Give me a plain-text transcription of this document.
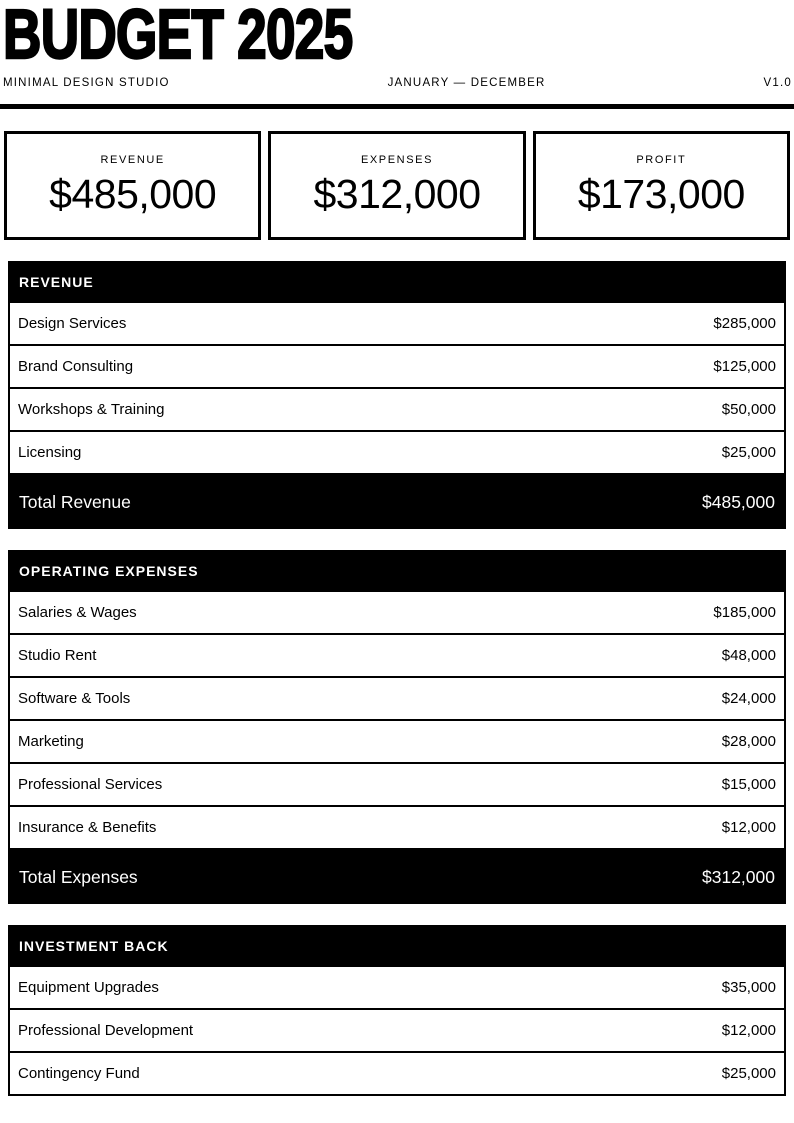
BUDGET 2025
MINIMAL DESIGN STUDIO	JANUARY — DECEMBER	V1.0
REVENUE
$485,000
EXPENSES
$312,000
PROFIT
$173,000
REVENUE
Design Services	$285,000
Brand Consulting	$125,000
Workshops & Training	$50,000
Licensing	$25,000
Total Revenue	$485,000
OPERATING EXPENSES
Salaries & Wages	$185,000
Studio Rent	$48,000
Software & Tools	$24,000
Marketing	$28,000
Professional Services	$15,000
Insurance & Benefits	$12,000
Total Expenses	$312,000
INVESTMENT BACK
Equipment Upgrades	$35,000
Professional Development	$12,000
Contingency Fund	$25,000
